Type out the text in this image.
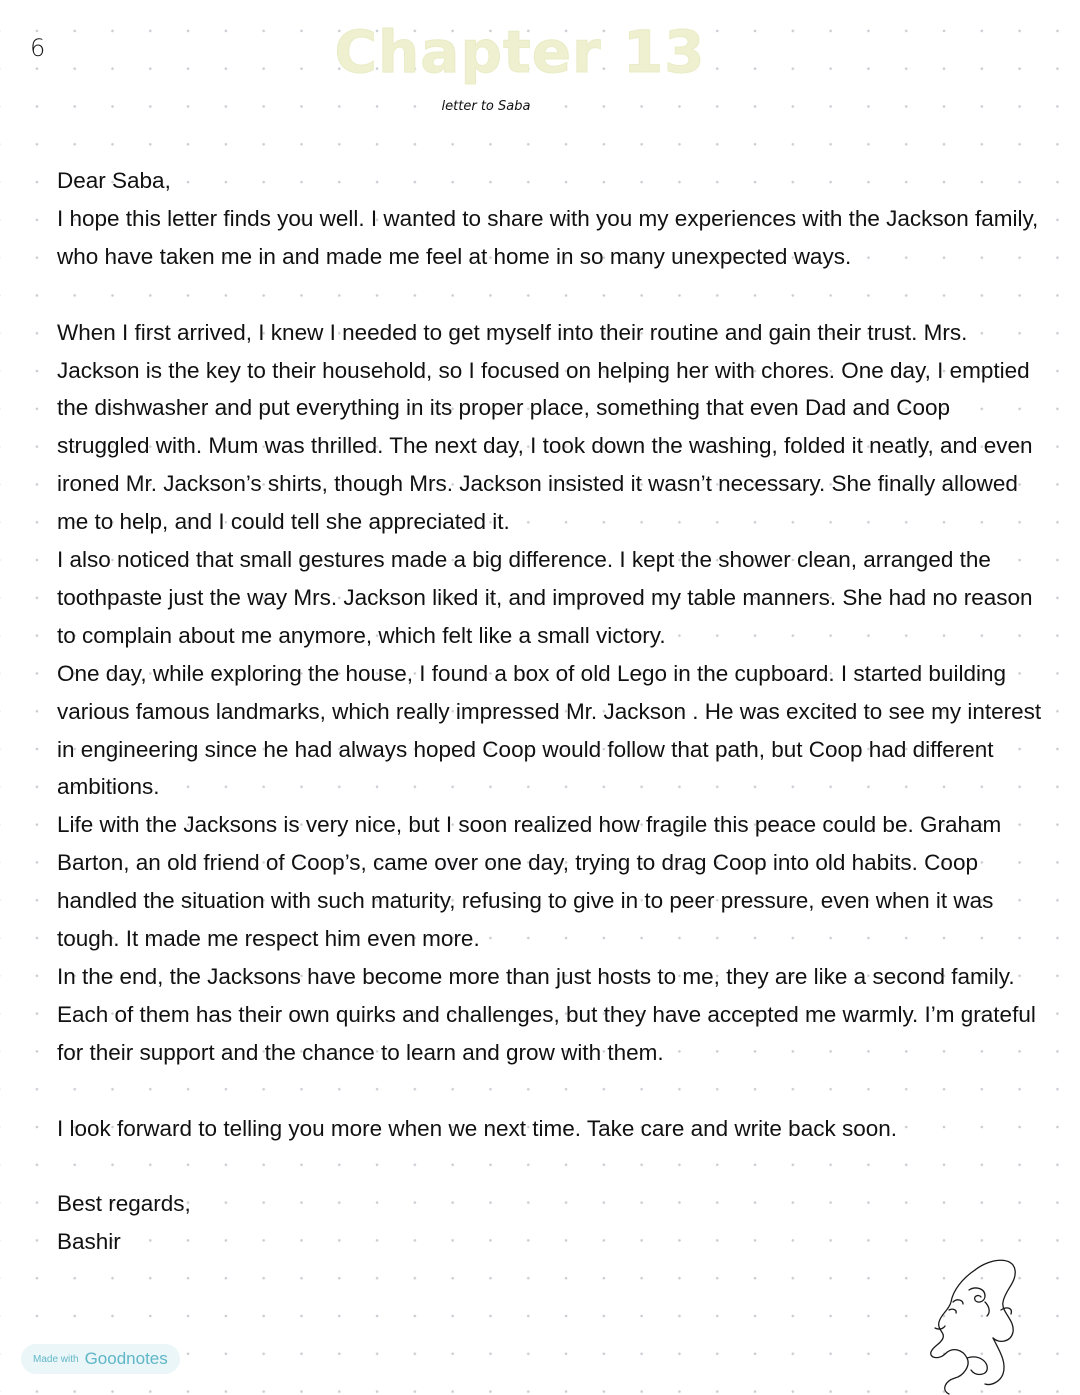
6	Chapter 13
letter to Saba

Dear Saba,

I hope this letter finds you well. I wanted to share with you my experiences with the Jackson family, who have taken me in and made me feel at home in so many unexpected ways.

When I first arrived, I knew I needed to get myself into their routine and gain their trust. Mrs. Jackson is the key to their household, so I focused on helping her with chores. One day, I emptied the dishwasher and put everything in its proper place, something that even Dad and Coop struggled with. Mum was thrilled. The next day, I took down the washing, folded it neatly, and even ironed Mr. Jackson’s shirts, though Mrs. Jackson insisted it wasn’t necessary. She finally allowed me to help, and I could tell she appreciated it.

I also noticed that small gestures made a big difference. I kept the shower clean, arranged the toothpaste just the way Mrs. Jackson liked it, and improved my table manners. She had no reason to complain about me anymore, which felt like a small victory.

One day, while exploring the house, I found a box of old Lego in the cupboard. I started building various famous landmarks, which really impressed Mr. Jackson . He was excited to see my interest in engineering since he had always hoped Coop would follow that path, but Coop had different ambitions.

Life with the Jacksons is very nice, but I soon realized how fragile this peace could be. Graham Barton, an old friend of Coop’s, came over one day, trying to drag Coop into old habits. Coop handled the situation with such maturity, refusing to give in to peer pressure, even when it was tough. It made me respect him even more.

In the end, the Jacksons have become more than just hosts to me, they are like a second family. Each of them has their own quirks and challenges, but they have accepted me warmly. I’m grateful for their support and the chance to learn and grow with them.

I look forward to telling you more when we next time. Take care and write back soon.

Best regards,

Bashir

Made with Goodnotes
